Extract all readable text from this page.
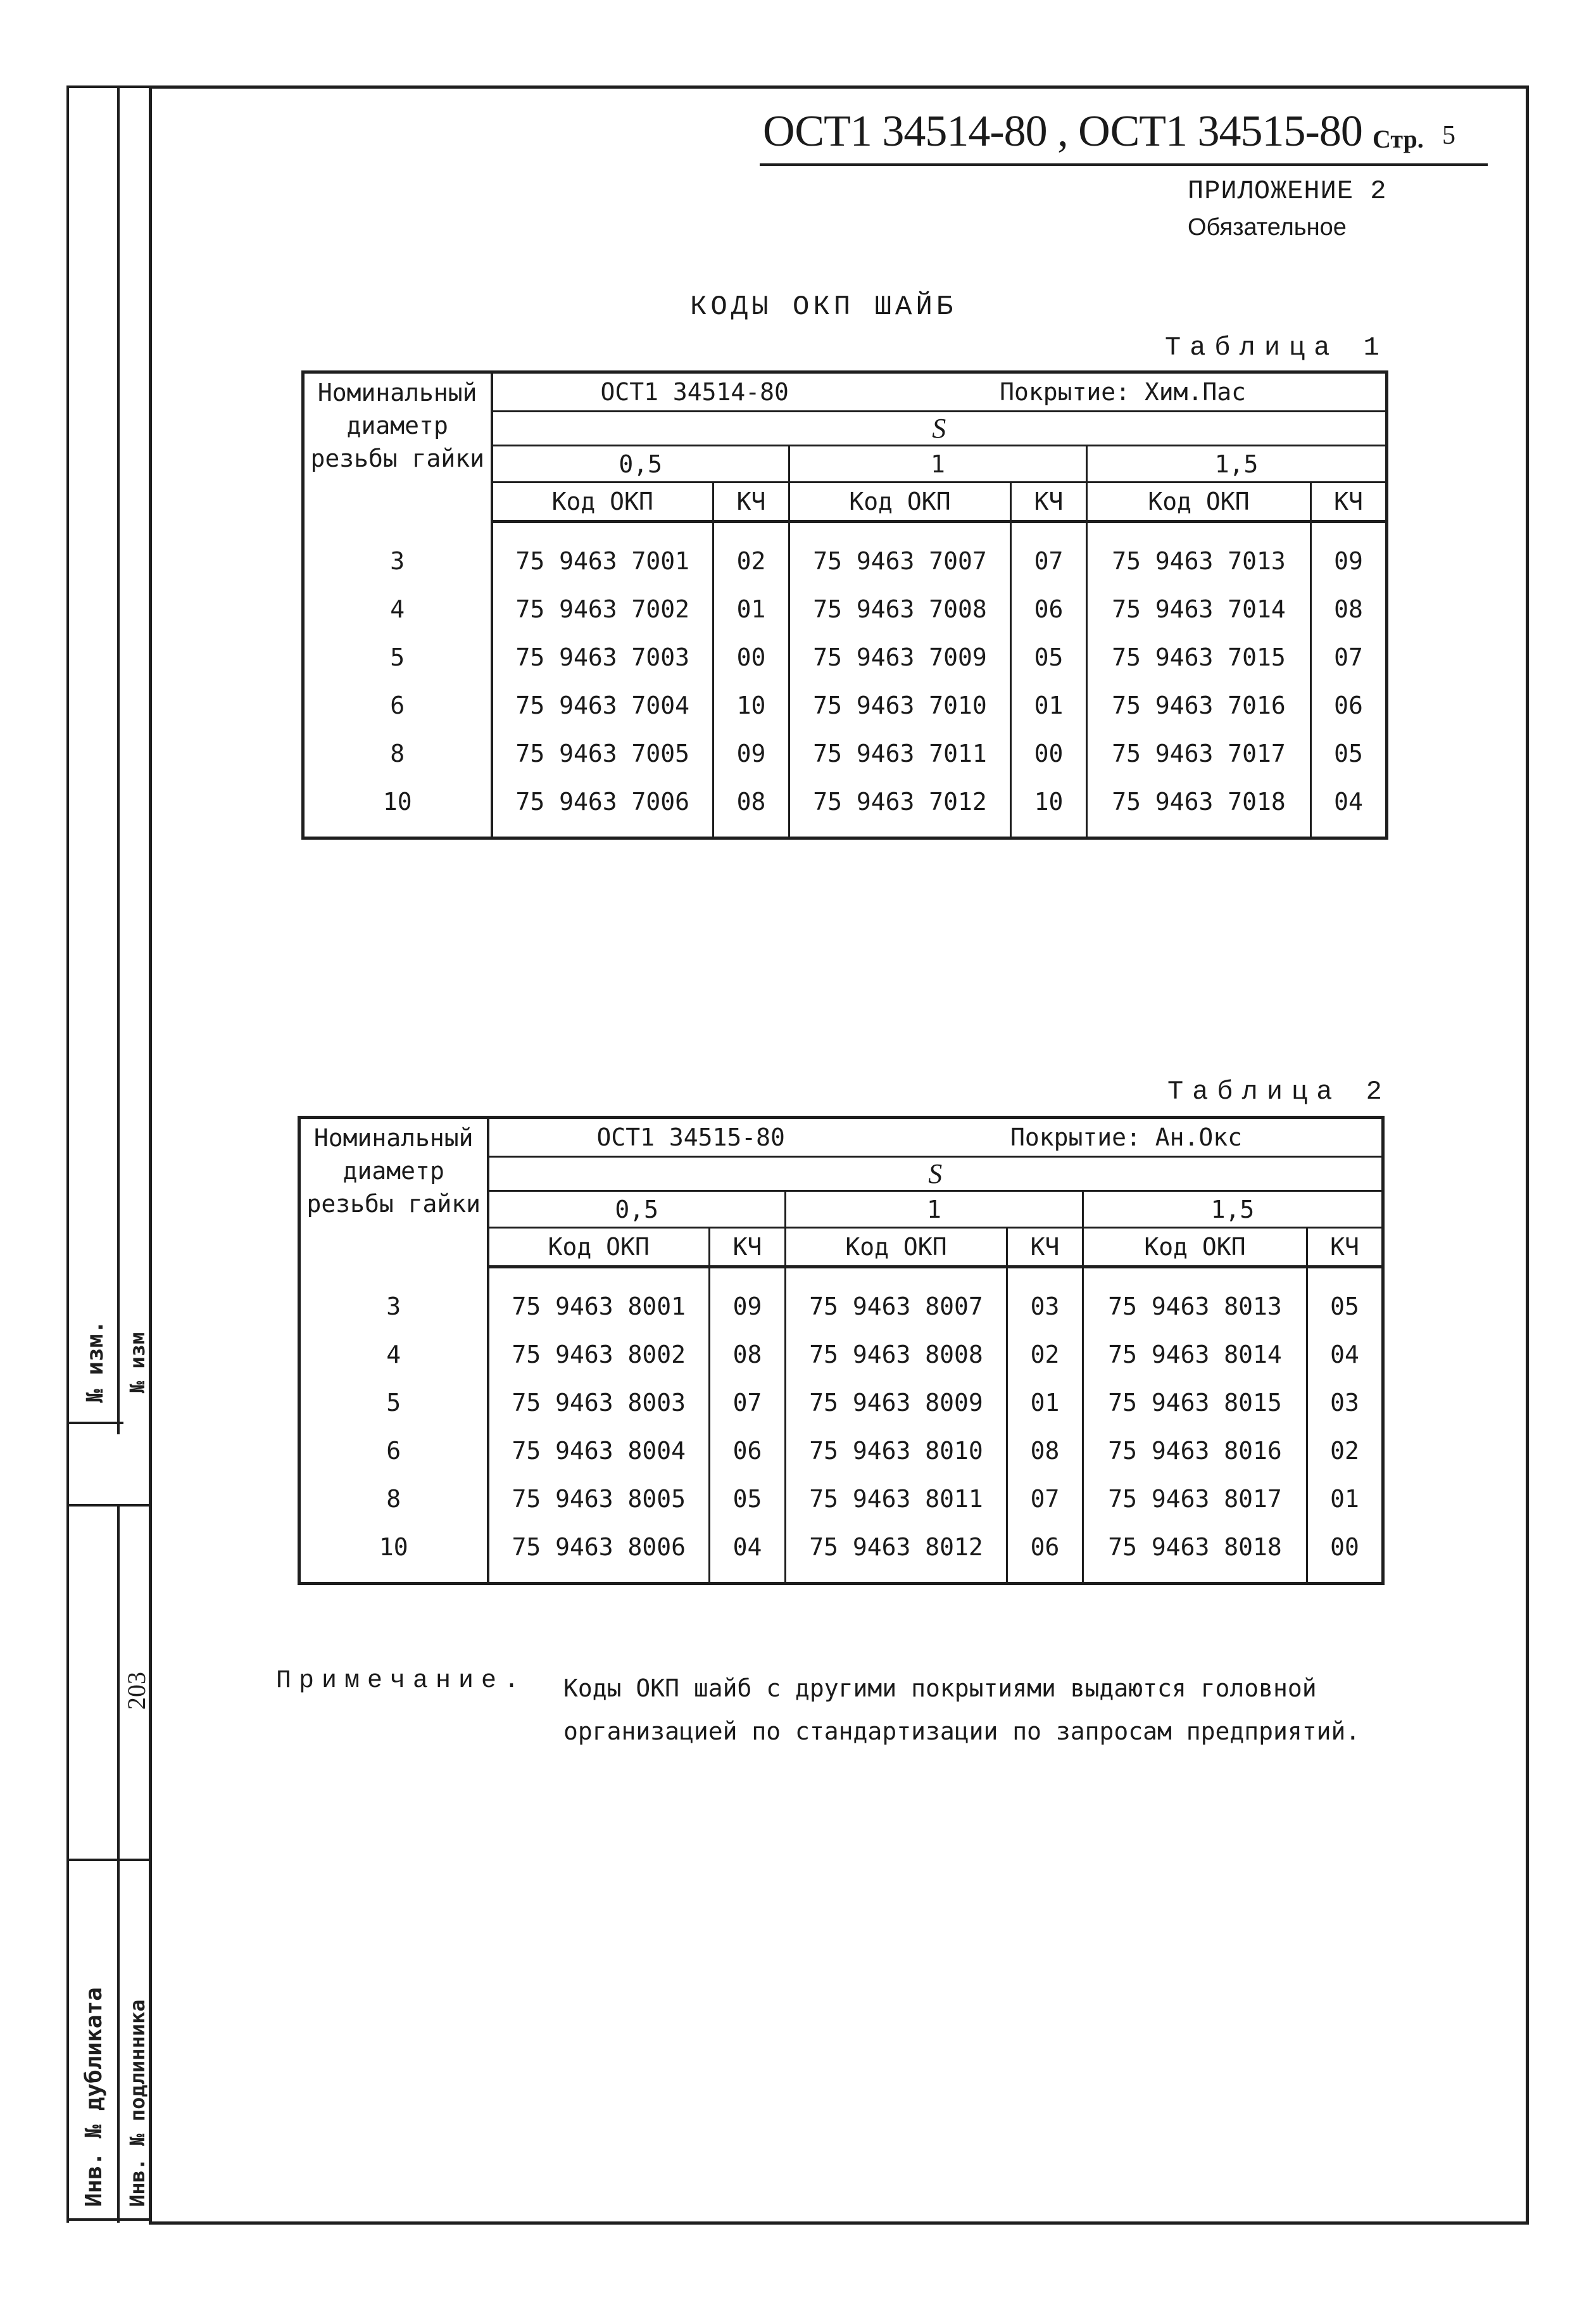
№ изм. № изм
203
Инв. № дубликата Инв. № подлинника
ОСТ1 34514-80 , ОСТ1 34515-80 Стр. 5
ПРИЛОЖЕНИЕ 2
Обязательное
КОДЫ ОКП ШАЙБ
Таблица 1
Номинальный диаметр резьбы гайки	ОСТ1 34514-80 Покрытие: Хим.Пас					

	S					
	0,5		1		1,5	
	Код ОКП	КЧ	Код ОКП	КЧ	Код ОКП	КЧ

3	75 9463 7001	02	75 9463 7007	07	75 9463 7013	09
4	75 9463 7002	01	75 9463 7008	06	75 9463 7014	08
5	75 9463 7003	00	75 9463 7009	05	75 9463 7015	07
6	75 9463 7004	10	75 9463 7010	01	75 9463 7016	06
8	75 9463 7005	09	75 9463 7011	00	75 9463 7017	05
10	75 9463 7006	08	75 9463 7012	10	75 9463 7018	04

Таблица 2
Номинальный диаметр резьбы гайки	ОСТ1 34515-80 Покрытие: Ан.Окс					

	S					
	0,5		1		1,5	
	Код ОКП	КЧ	Код ОКП	КЧ	Код ОКП	КЧ

3	75 9463 8001	09	75 9463 8007	03	75 9463 8013	05
4	75 9463 8002	08	75 9463 8008	02	75 9463 8014	04
5	75 9463 8003	07	75 9463 8009	01	75 9463 8015	03
6	75 9463 8004	06	75 9463 8010	08	75 9463 8016	02
8	75 9463 8005	05	75 9463 8011	07	75 9463 8017	01
10	75 9463 8006	04	75 9463 8012	06	75 9463 8018	00

Примечание. Коды ОКП шайб с другими покрытиями выдаются головной
организацией по стандартизации по запросам предприятий.
